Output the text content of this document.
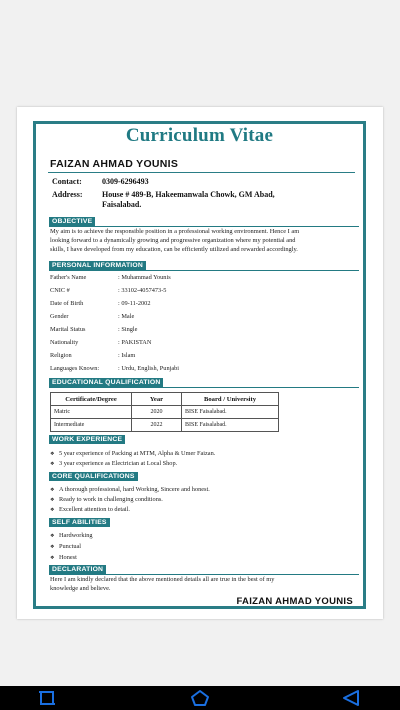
Curriculum Vitae
FAIZAN AHMAD YOUNIS
Contact:	0309-6296493
Address: House # 489-B, Hakeemanwala Chowk, GM Abad,
Faisalabad.
OBJECTIVE
My aim is to achieve the responsible position in a professional working environment. Hence I am
looking forward to a dynamically growing and progressive organization where my potential and
skills, I have developed from my education, can be efficiently utilized and rewarded accordingly.
PERSONAL INFORMATION
Father's Name	: Muhammad Younis
CNIC #	: 33102-4057473-5
Date of Birth	: 09-11-2002
Gender	: Male
Marital Status	: Single
Nationality	: PAKISTAN
Religion	: Islam
Languages Known:	: Urdu, English, Punjabi
EDUCATIONAL QUALIFICATION
Certificate/Degree	Year	Board / University
Matric	2020	BISE Faisalabad.
Intermediate	2022	BISE Faisalabad.
WORK EXPERIENCE
❖ 5 year experience of Packing at MTM, Alpha & Umer Faizan.
❖ 3 year experience as Electrician at Local Shop.
CORE QUALIFICATIONS
❖ A thorough professional, hard Working, Sincere and honest.
❖ Ready to work in challenging conditions.
❖ Excellent attention to detail.
SELF ABILITIES
❖ Hardworking
❖ Punctual
❖ Honest
DECLARATION
Here I am kindly declared that the above mentioned details all are true in the best of my
knowledge and believe.
FAIZAN AHMAD YOUNIS
